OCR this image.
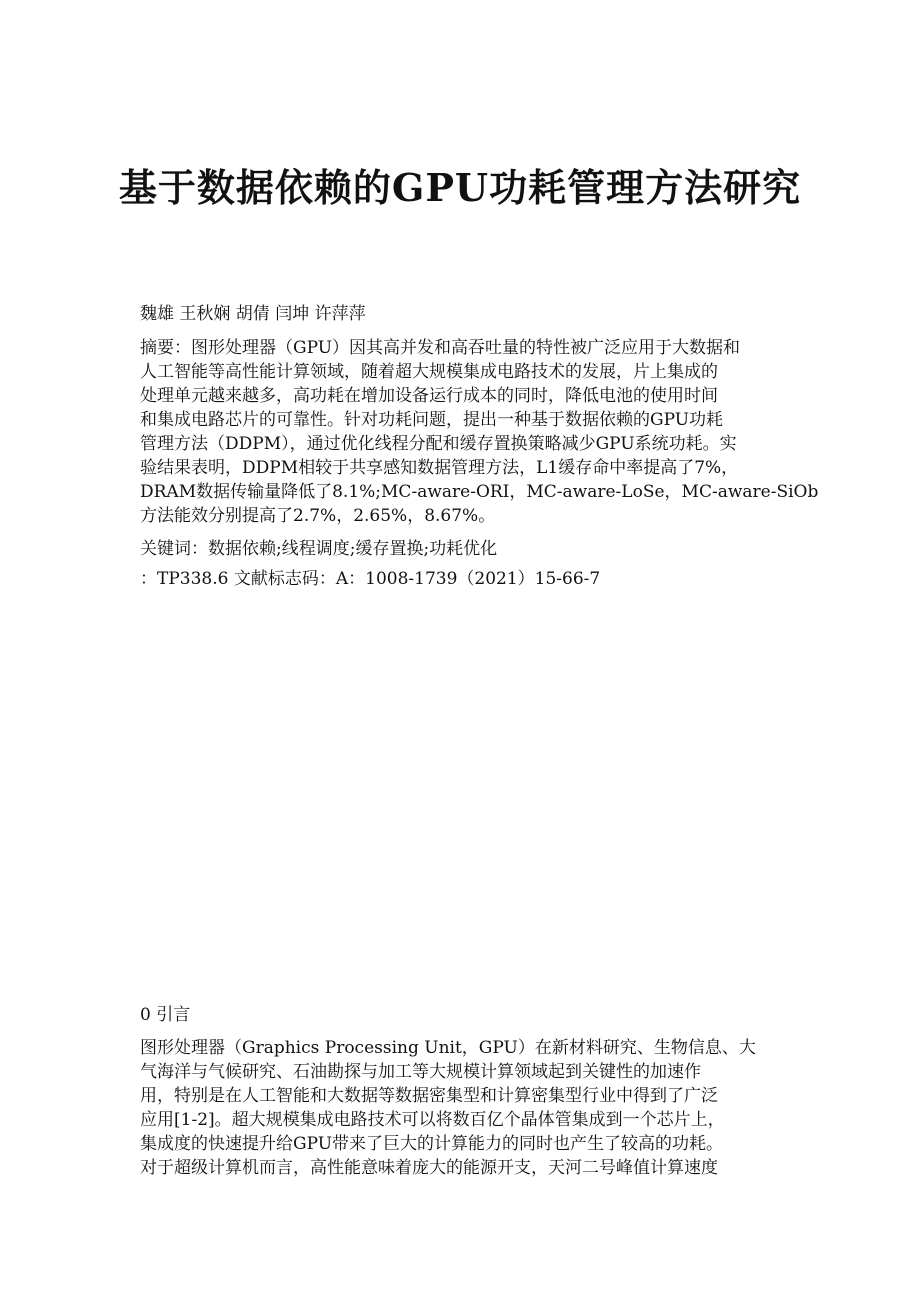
基于数据依赖的GPU功耗管理方法研究
魏雄 王秋娴 胡倩 闫坤 许萍萍
摘要：图形处理器（GPU）因其高并发和高吞吐量的特性被广泛应用于大数据和
人工智能等高性能计算领域，随着超大规模集成电路技术的发展，片上集成的
处理单元越来越多，高功耗在增加设备运行成本的同时，降低电池的使用时间
和集成电路芯片的可靠性。针对功耗问题，提出一种基于数据依赖的GPU功耗
管理方法（DDPM），通过优化线程分配和缓存置换策略减少GPU系统功耗。实
验结果表明，DDPM相较于共享感知数据管理方法，L1缓存命中率提高了7%，
DRAM数据传输量降低了8.1%;MC-aware-ORI，MC-aware-LoSe，MC-aware-SiOb
方法能效分别提高了2.7%，2.65%，8.67%。
关键词：数据依赖;线程调度;缓存置换;功耗优化
：TP338.6 文献标志码：A：1008-1739（2021）15-66-7
0 引言
图形处理器（Graphics Processing Unit，GPU）在新材料研究、生物信息、大
气海洋与气候研究、石油勘探与加工等大规模计算领域起到关键性的加速作
用，特别是在人工智能和大数据等数据密集型和计算密集型行业中得到了广泛
应用[1-2]。超大规模集成电路技术可以将数百亿个晶体管集成到一个芯片上，
集成度的快速提升给GPU带来了巨大的计算能力的同时也产生了较高的功耗。
对于超级计算机而言，高性能意味着庞大的能源开支，天河二号峰值计算速度
